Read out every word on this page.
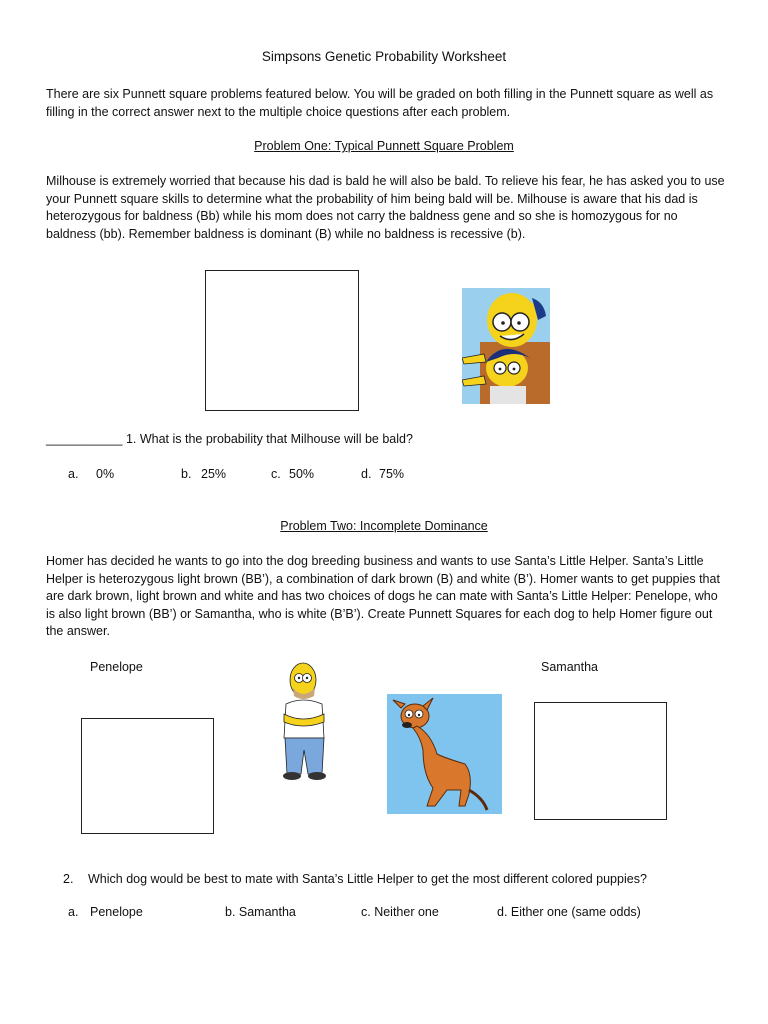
Simpsons Genetic Probability Worksheet
There are six Punnett square problems featured below. You will be graded on both filling in the Punnett square as well as filling in the correct answer next to the multiple choice questions after each problem.
Problem One: Typical Punnett Square Problem
Milhouse is extremely worried that because his dad is bald he will also be bald. To relieve his fear, he has asked you to use your Punnett square skills to determine what the probability of him being bald will be. Milhouse is aware that his dad is heterozygous for baldness (Bb) while his mom does not carry the baldness gene and so she is homozygous for no baldness (bb). Remember baldness is dominant (B) while no baldness is recessive (b).
___________ 1. What is the probability that Milhouse will be bald?
a. 0%	b. 25%	c. 50%	d. 75%
Problem Two: Incomplete Dominance
Homer has decided he wants to go into the dog breeding business and wants to use Santa’s Little Helper. Santa’s Little Helper is heterozygous light brown (BB’), a combination of dark brown (B) and white (B’). Homer wants to get puppies that are dark brown, light brown and white and has two choices of dogs he can mate with Santa’s Little Helper: Penelope, who is also light brown (BB’) or Samantha, who is white (B’B’). Create Punnett Squares for each dog to help Homer figure out the answer.
Penelope	Samantha
2. Which dog would be best to mate with Santa’s Little Helper to get the most different colored puppies?
a. Penelope	b. Samantha	c. Neither one	d. Either one (same odds)
